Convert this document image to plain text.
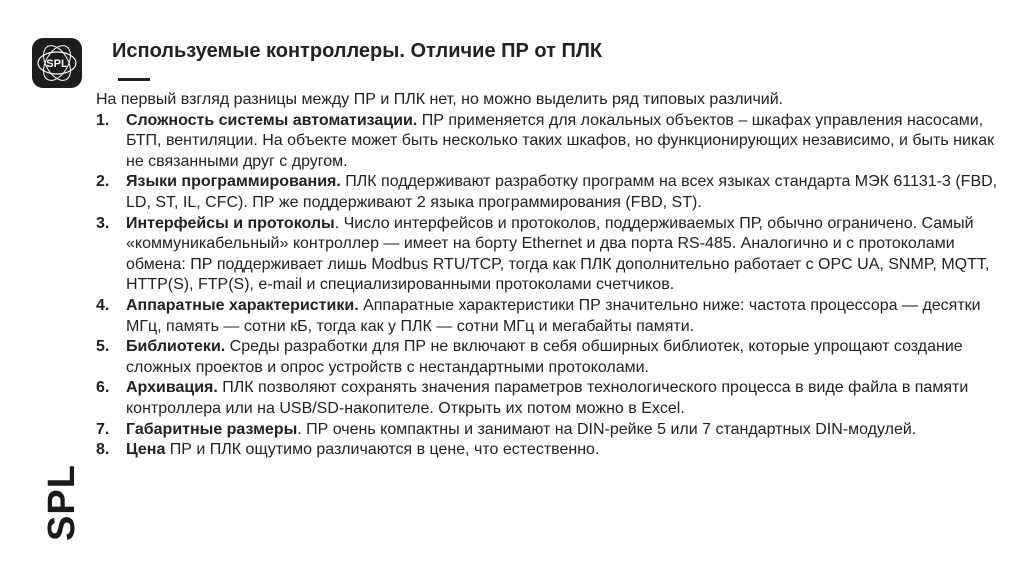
SPL
SPL
Используемые контроллеры. Отличие ПР от ПЛК

На первый взгляд разницы между ПР и ПЛК нет, но можно выделить ряд типовых различий.

1.	Сложность системы автоматизации. ПР применяется для локальных объектов – шкафах управления насосами, БТП, вентиляции. На объекте может быть несколько таких шкафов, но функционирующих независимо, и быть никак не связанными друг с другом.
2.	Языки программирования. ПЛК поддерживают разработку программ на всех языках стандарта МЭК 61131-3 (FBD, LD, ST, IL, CFC). ПР же поддерживают 2 языка программирования (FBD, ST).
3.	Интерфейсы и протоколы. Число интерфейсов и протоколов, поддерживаемых ПР, обычно ограничено. Самый «коммуникабельный» контроллер — имеет на борту Ethernet и два порта RS-485. Аналогично и с протоколами обмена: ПР поддерживает лишь Modbus RTU/TCP, тогда как ПЛК дополнительно работает с OPC UA, SNMP, MQTT, HTTP(S), FTP(S), e-mail и специализированными протоколами счетчиков.
4.	Аппаратные характеристики. Аппаратные характеристики ПР значительно ниже: частота процессора — десятки МГц, память — сотни кБ, тогда как у ПЛК — сотни МГц и мегабайты памяти.
5.	Библиотеки. Среды разработки для ПР не включают в себя обширных библиотек, которые упрощают создание сложных проектов и опрос устройств с нестандартными протоколами.
6.	Архивация. ПЛК позволяют сохранять значения параметров технологического процесса в виде файла в памяти контроллера или на USB/SD-накопителе. Открыть их потом можно в Excel.
7.	Габаритные размеры. ПР очень компактны и занимают на DIN-рейке 5 или 7 стандартных DIN-модулей.
8.	Цена ПР и ПЛК ощутимо различаются в цене, что естественно.
